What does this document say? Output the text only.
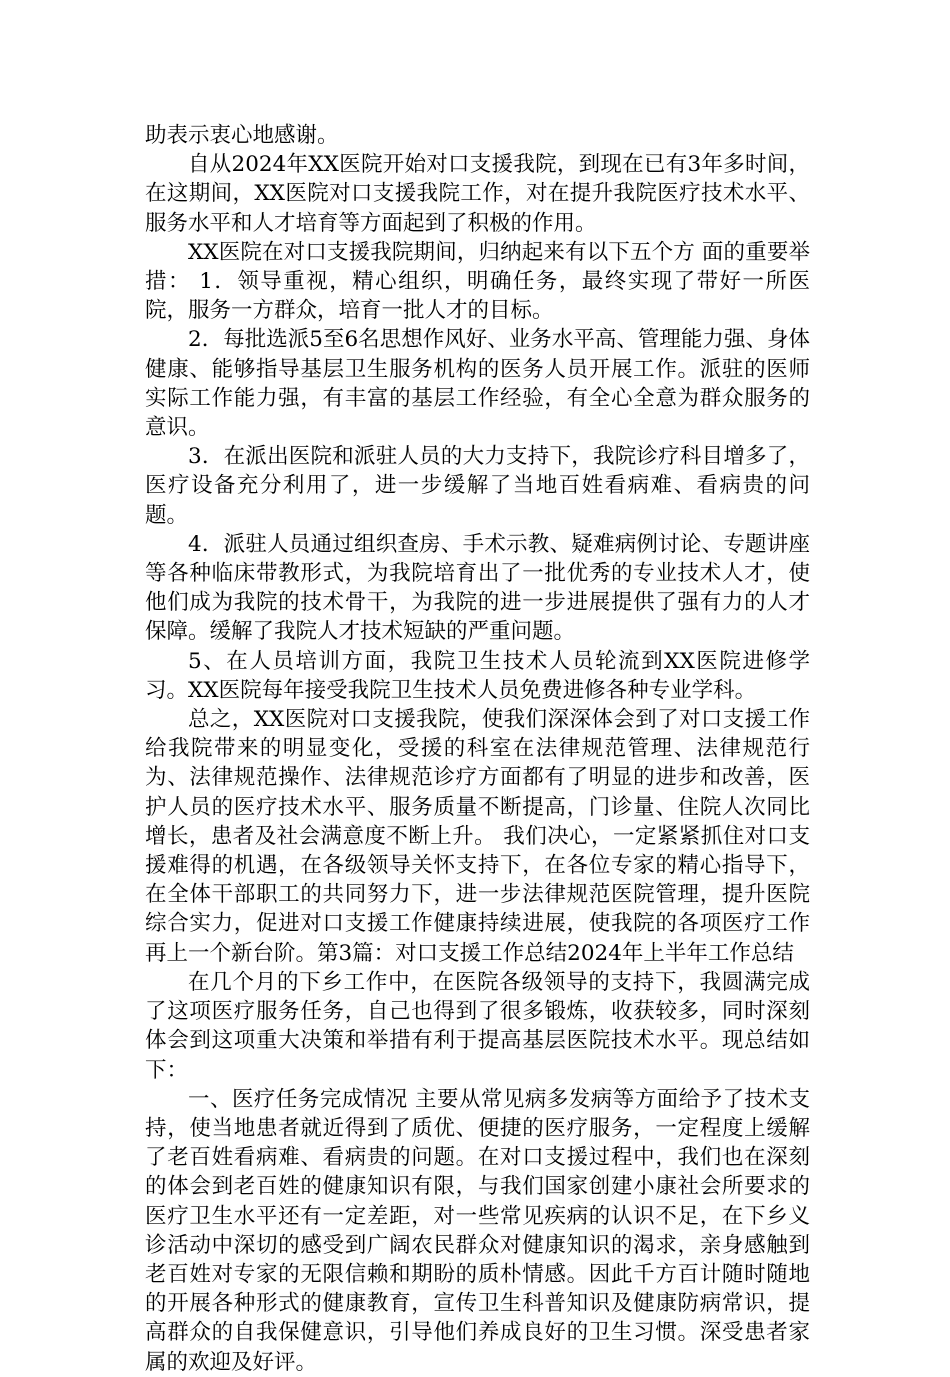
助表示衷心地感谢。

自从2024年XX医院开始对口支援我院，到现在已有3年多时间，在这期间，XX医院对口支援我院工作，对在提升我院医疗技术水平、服务水平和人才培育等方面起到了积极的作用。

XX医院在对口支援我院期间，归纳起来有以下五个方 面的重要举措： 1．领导重视，精心组织，明确任务，最终实现了带好一所医院，服务一方群众，培育一批人才的目标。

2．每批选派5至6名思想作风好、业务水平高、管理能力强、身体健康、能够指导基层卫生服务机构的医务人员开展工作。派驻的医师实际工作能力强，有丰富的基层工作经验，有全心全意为群众服务的意识。

3．在派出医院和派驻人员的大力支持下，我院诊疗科目增多了，医疗设备充分利用了，进一步缓解了当地百姓看病难、看病贵的问题。

4．派驻人员通过组织查房、手术示教、疑难病例讨论、专题讲座等各种临床带教形式，为我院培育出了一批优秀的专业技术人才，使他们成为我院的技术骨干，为我院的进一步进展提供了强有力的人才保障。缓解了我院人才技术短缺的严重问题。

5、在人员培训方面，我院卫生技术人员轮流到XX医院进修学习。XX医院每年接受我院卫生技术人员免费进修各种专业学科。

总之，XX医院对口支援我院，使我们深深体会到了对口支援工作给我院带来的明显变化，受援的科室在法律规范管理、法律规范行为、法律规范操作、法律规范诊疗方面都有了明显的进步和改善，医护人员的医疗技术水平、服务质量不断提高，门诊量、住院人次同比增长，患者及社会满意度不断上升。 我们决心，一定紧紧抓住对口支援难得的机遇，在各级领导关怀支持下，在各位专家的精心指导下，在全体干部职工的共同努力下，进一步法律规范医院管理，提升医院综合实力，促进对口支援工作健康持续进展，使我院的各项医疗工作再上一个新台阶。第3篇：对口支援工作总结2024年上半年工作总结

在几个月的下乡工作中，在医院各级领导的支持下，我圆满完成了这项医疗服务任务，自己也得到了很多锻炼，收获较多，同时深刻体会到这项重大决策和举措有利于提高基层医院技术水平。现总结如下：

一、医疗任务完成情况 主要从常见病多发病等方面给予了技术支持，使当地患者就近得到了质优、便捷的医疗服务，一定程度上缓解了老百姓看病难、看病贵的问题。在对口支援过程中，我们也在深刻的体会到老百姓的健康知识有限，与我们国家创建小康社会所要求的医疗卫生水平还有一定差距，对一些常见疾病的认识不足，在下乡义诊活动中深切的感受到广阔农民群众对健康知识的渴求，亲身感触到老百姓对专家的无限信赖和期盼的质朴情感。因此千方百计随时随地的开展各种形式的健康教育，宣传卫生科普知识及健康防病常识，提高群众的自我保健意识，引导他们养成良好的卫生习惯。深受患者家属的欢迎及好评。
